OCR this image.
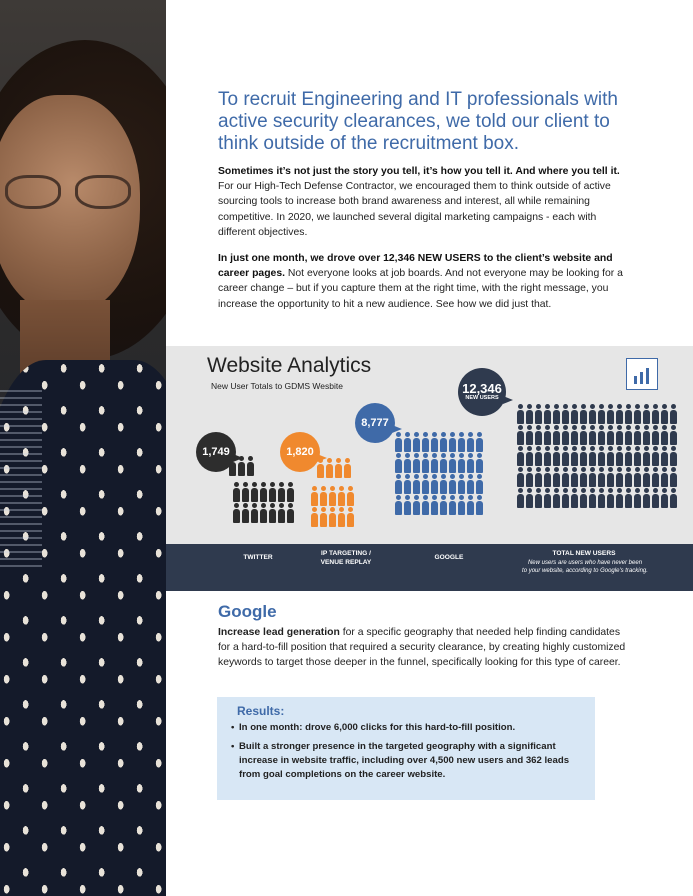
To recruit Engineering and IT professionals with active security clearances, we told our client to think outside of the recruitment box.

Sometimes it’s not just the story you tell, it’s how you tell it. And where you tell it. For our High-Tech Defense Contractor, we encouraged them to think outside of active sourcing tools to increase both brand awareness and interest, all while remaining competitive. In 2020, we launched several digital marketing campaigns - each with different objectives.

In just one month, we drove over 12,346 NEW USERS to the client’s website and career pages. Not everyone looks at job boards. And not everyone may be looking for a career change – but if you capture them at the right time, with the right message, you increase the opportunity to hit a new audience. See how we did just that.

Website Analytics
New User Totals to GDMS Wesbite
1,749	1,820
8,777
12,346
NEW USERS
TWITTER
IP TARGETING /
VENUE REPLAY
GOOGLE
TOTAL NEW USERS
New users are users who have never been
to your website, according to Google's tracking.
Google

Increase lead generation for a specific geography that needed help finding candidates for a hard-to-fill position that required a security clearance, by creating highly customized keywords to target those deeper in the funnel, specifically looking for this type of career.

Results:
• In one month: drove 6,000 clicks for this hard-to-fill position.
• Built a stronger presence in the targeted geography with a significant increase in website traffic, including over 4,500 new users and 362 leads from goal completions on the career website.
